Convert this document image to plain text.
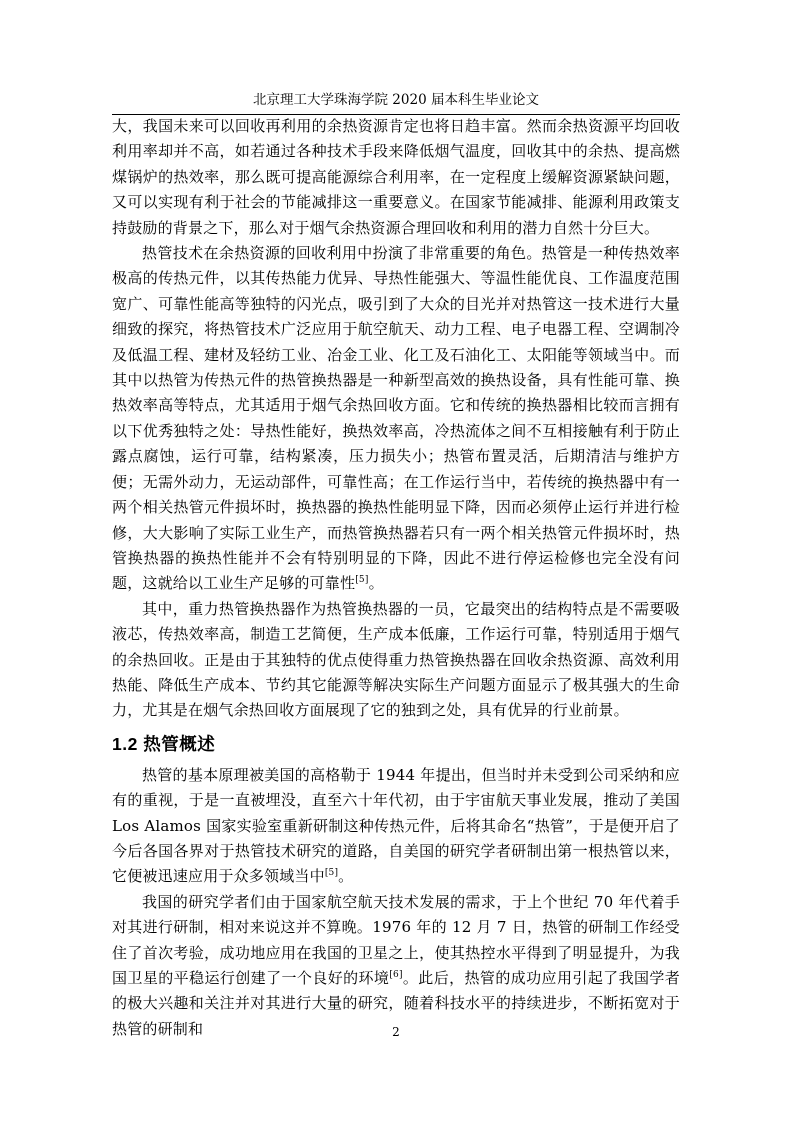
北京理工大学珠海学院 2020 届本科生毕业论文

大，我国未来可以回收再利用的余热资源肯定也将日趋丰富。然而余热资源平均回收利用率却并不高，如若通过各种技术手段来降低烟气温度，回收其中的余热、提高燃煤锅炉的热效率，那么既可提高能源综合利用率，在一定程度上缓解资源紧缺问题，又可以实现有利于社会的节能减排这一重要意义。在国家节能减排、能源利用政策支持鼓励的背景之下，那么对于烟气余热资源合理回收和利用的潜力自然十分巨大。

热管技术在余热资源的回收利用中扮演了非常重要的角色。热管是一种传热效率极高的传热元件，以其传热能力优异、导热性能强大、等温性能优良、工作温度范围宽广、可靠性能高等独特的闪光点，吸引到了大众的目光并对热管这一技术进行大量细致的探究，将热管技术广泛应用于航空航天、动力工程、电子电器工程、空调制冷及低温工程、建材及轻纺工业、冶金工业、化工及石油化工、太阳能等领域当中。而其中以热管为传热元件的热管换热器是一种新型高效的换热设备，具有性能可靠、换热效率高等特点，尤其适用于烟气余热回收方面。它和传统的换热器相比较而言拥有以下优秀独特之处：导热性能好，换热效率高，冷热流体之间不互相接触有利于防止露点腐蚀，运行可靠，结构紧凑，压力损失小；热管布置灵活，后期清洁与维护方便；无需外动力，无运动部件，可靠性高；在工作运行当中，若传统的换热器中有一两个相关热管元件损坏时，换热器的换热性能明显下降，因而必须停止运行并进行检修，大大影响了实际工业生产，而热管换热器若只有一两个相关热管元件损坏时，热管换热器的换热性能并不会有特别明显的下降，因此不进行停运检修也完全没有问题，这就给以工业生产足够的可靠性[5]。

其中，重力热管换热器作为热管换热器的一员，它最突出的结构特点是不需要吸液芯，传热效率高，制造工艺简便，生产成本低廉，工作运行可靠，特别适用于烟气的余热回收。正是由于其独特的优点使得重力热管换热器在回收余热资源、高效利用热能、降低生产成本、节约其它能源等解决实际生产问题方面显示了极其强大的生命力，尤其是在烟气余热回收方面展现了它的独到之处，具有优异的行业前景。

1.2 热管概述

热管的基本原理被美国的高格勒于 1944 年提出，但当时并未受到公司采纳和应有的重视，于是一直被埋没，直至六十年代初，由于宇宙航天事业发展，推动了美国 Los Alamos 国家实验室重新研制这种传热元件，后将其命名“热管”，于是便开启了今后各国各界对于热管技术研究的道路，自美国的研究学者研制出第一根热管以来，它便被迅速应用于众多领域当中[5]。

我国的研究学者们由于国家航空航天技术发展的需求，于上个世纪 70 年代着手对其进行研制，相对来说这并不算晚。1976 年的 12 月 7 日，热管的研制工作经受住了首次考验，成功地应用在我国的卫星之上，使其热控水平得到了明显提升，为我国卫星的平稳运行创建了一个良好的环境[6]。此后，热管的成功应用引起了我国学者的极大兴趣和关注并对其进行大量的研究，随着科技水平的持续进步，不断拓宽对于热管的研制和	2
